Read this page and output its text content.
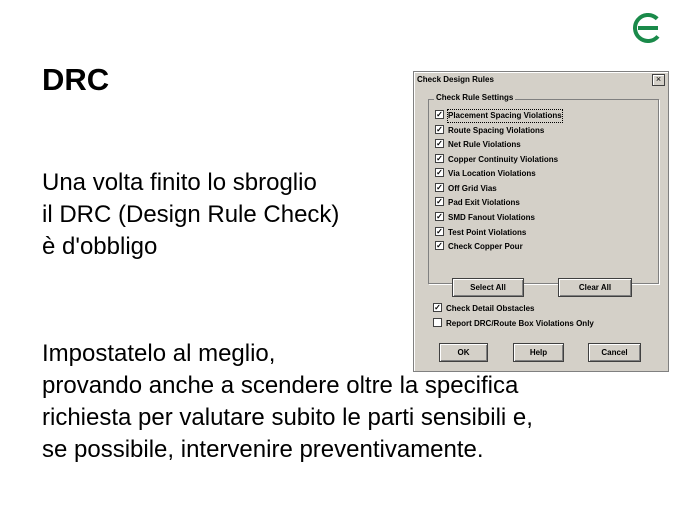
DRC
Una volta finito lo sbroglio
il DRC (Design Rule Check)
è d'obbligo
Impostatelo al meglio,
provando anche a scendere oltre la specifica
richiesta per valutare subito le parti sensibili e,
se possibile, intervenire preventivamente.
Check Design Rules	×
Check Rule Settings
✓ Placement Spacing Violations
✓ Route Spacing Violations
✓ Net Rule Violations
✓ Copper Continuity Violations
✓ Via Location Violations
✓ Off Grid Vias
✓ Pad Exit Violations
✓ SMD Fanout Violations
✓ Test Point Violations
✓ Check Copper Pour
Select All	Clear All
✓ Check Detail Obstacles
Report DRC/Route Box Violations Only
OK	Help	Cancel
